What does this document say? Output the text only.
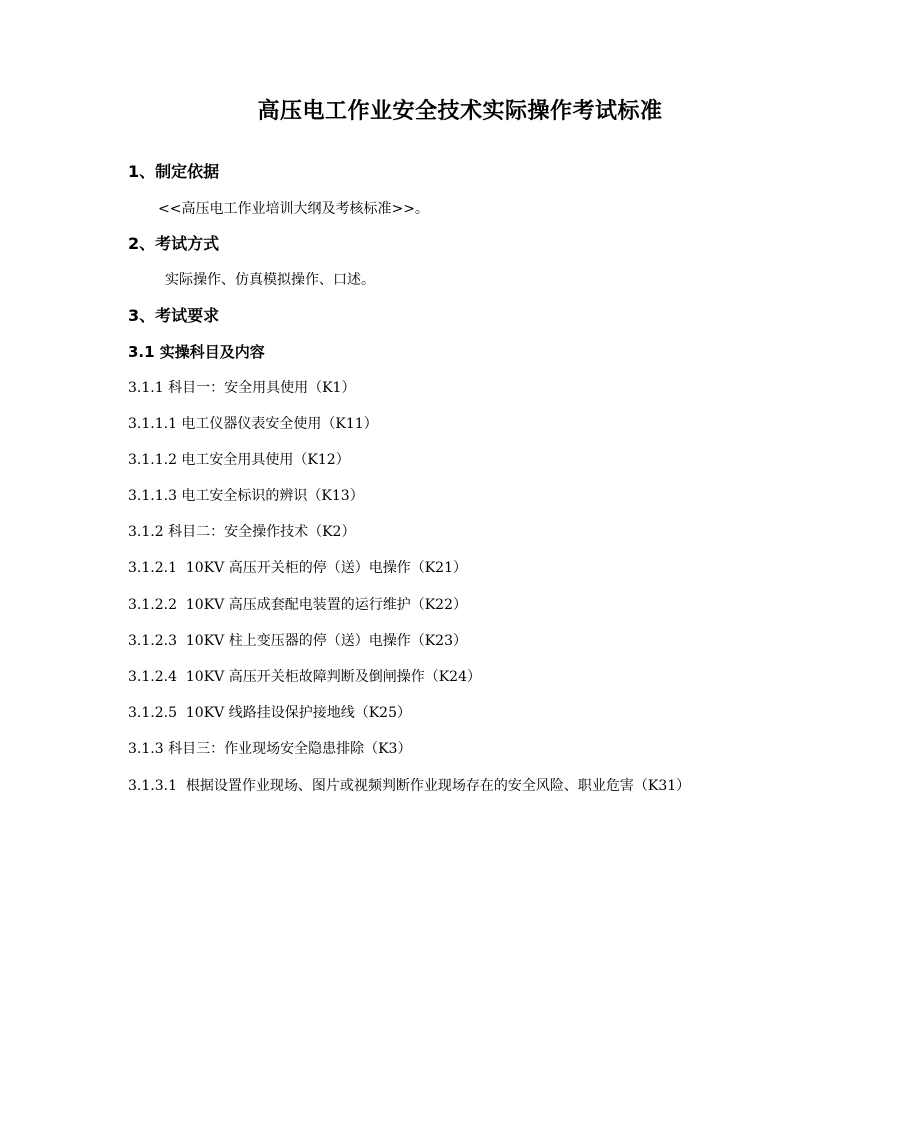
高压电工作业安全技术实际操作考试标准
1、制定依据
<<高压电工作业培训大纲及考核标准>>。
2、考试方式
实际操作、仿真模拟操作、口述。
3、考试要求
3.1 实操科目及内容
3.1.1 科目一：安全用具使用（K1）
3.1.1.1 电工仪器仪表安全使用（K11）
3.1.1.2 电工安全用具使用（K12）
3.1.1.3 电工安全标识的辨识（K13）
3.1.2 科目二：安全操作技术（K2）
3.1.2.1  10KV 高压开关柜的停（送）电操作（K21）
3.1.2.2  10KV 高压成套配电装置的运行维护（K22）
3.1.2.3  10KV 柱上变压器的停（送）电操作（K23）
3.1.2.4  10KV 高压开关柜故障判断及倒闸操作（K24）
3.1.2.5  10KV 线路挂设保护接地线（K25）
3.1.3 科目三：作业现场安全隐患排除（K3）
3.1.3.1  根据设置作业现场、图片或视频判断作业现场存在的安全风险、职业危害（K31）
